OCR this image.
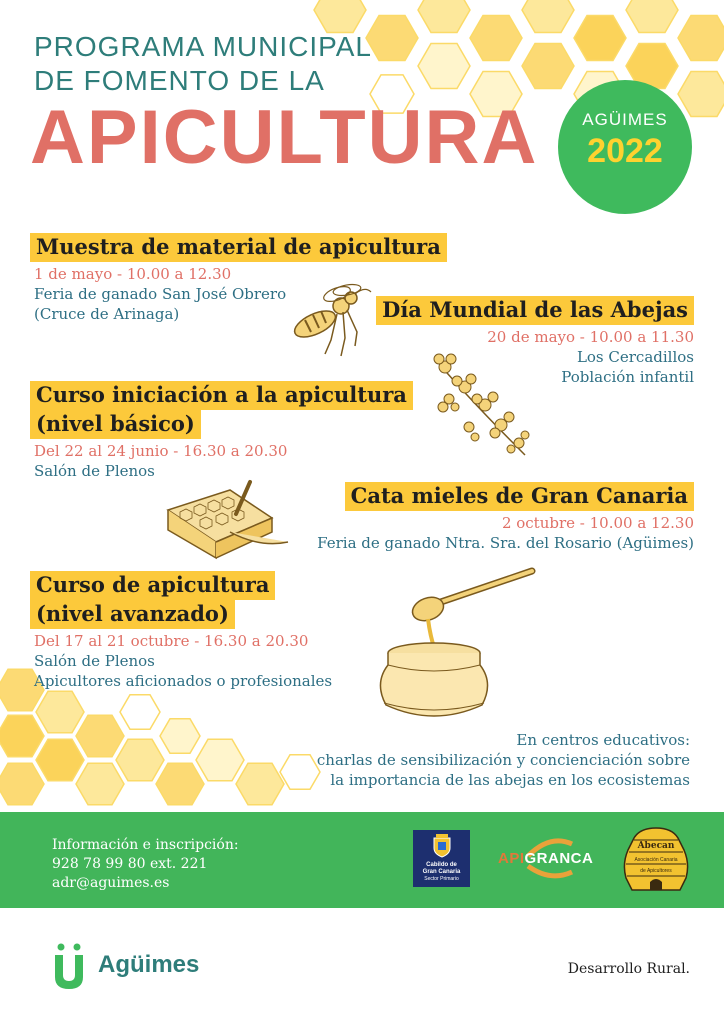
PROGRAMA MUNICIPAL
DE FOMENTO DE LA
APICULTURA	AGÜIMES
2022
Muestra de material de apicultura
1 de mayo - 10.00 a 12.30
Feria de ganado San José Obrero
(Cruce de Arinaga)	Día Mundial de las Abejas
20 de mayo - 10.00 a 11.30
Los Cercadillos
Población infantil
Curso iniciación a la apicultura
(nivel básico)
Del 22 al 24 junio - 16.30 a 20.30
Salón de Plenos
Cata mieles de Gran Canaria
2 octubre - 10.00 a 12.30
Feria de ganado Ntra. Sra. del Rosario (Agüimes)
Curso de apicultura
(nivel avanzado)
Del 17 al 21 octubre - 16.30 a 20.30
Salón de Plenos
Apicultores aficionados o profesionales
En centros educativos:
charlas de sensibilización y concienciación sobre
la importancia de las abejas en los ecosistemas
Información e inscripción:
928 78 99 80 ext. 221
adr@aguimes.es
Cabildo de
Gran Canaria
Sector Primario
APIGRANCA
Abecan
Asociación Canaria
de Apicultores
Agüimes	Desarrollo Rural.
